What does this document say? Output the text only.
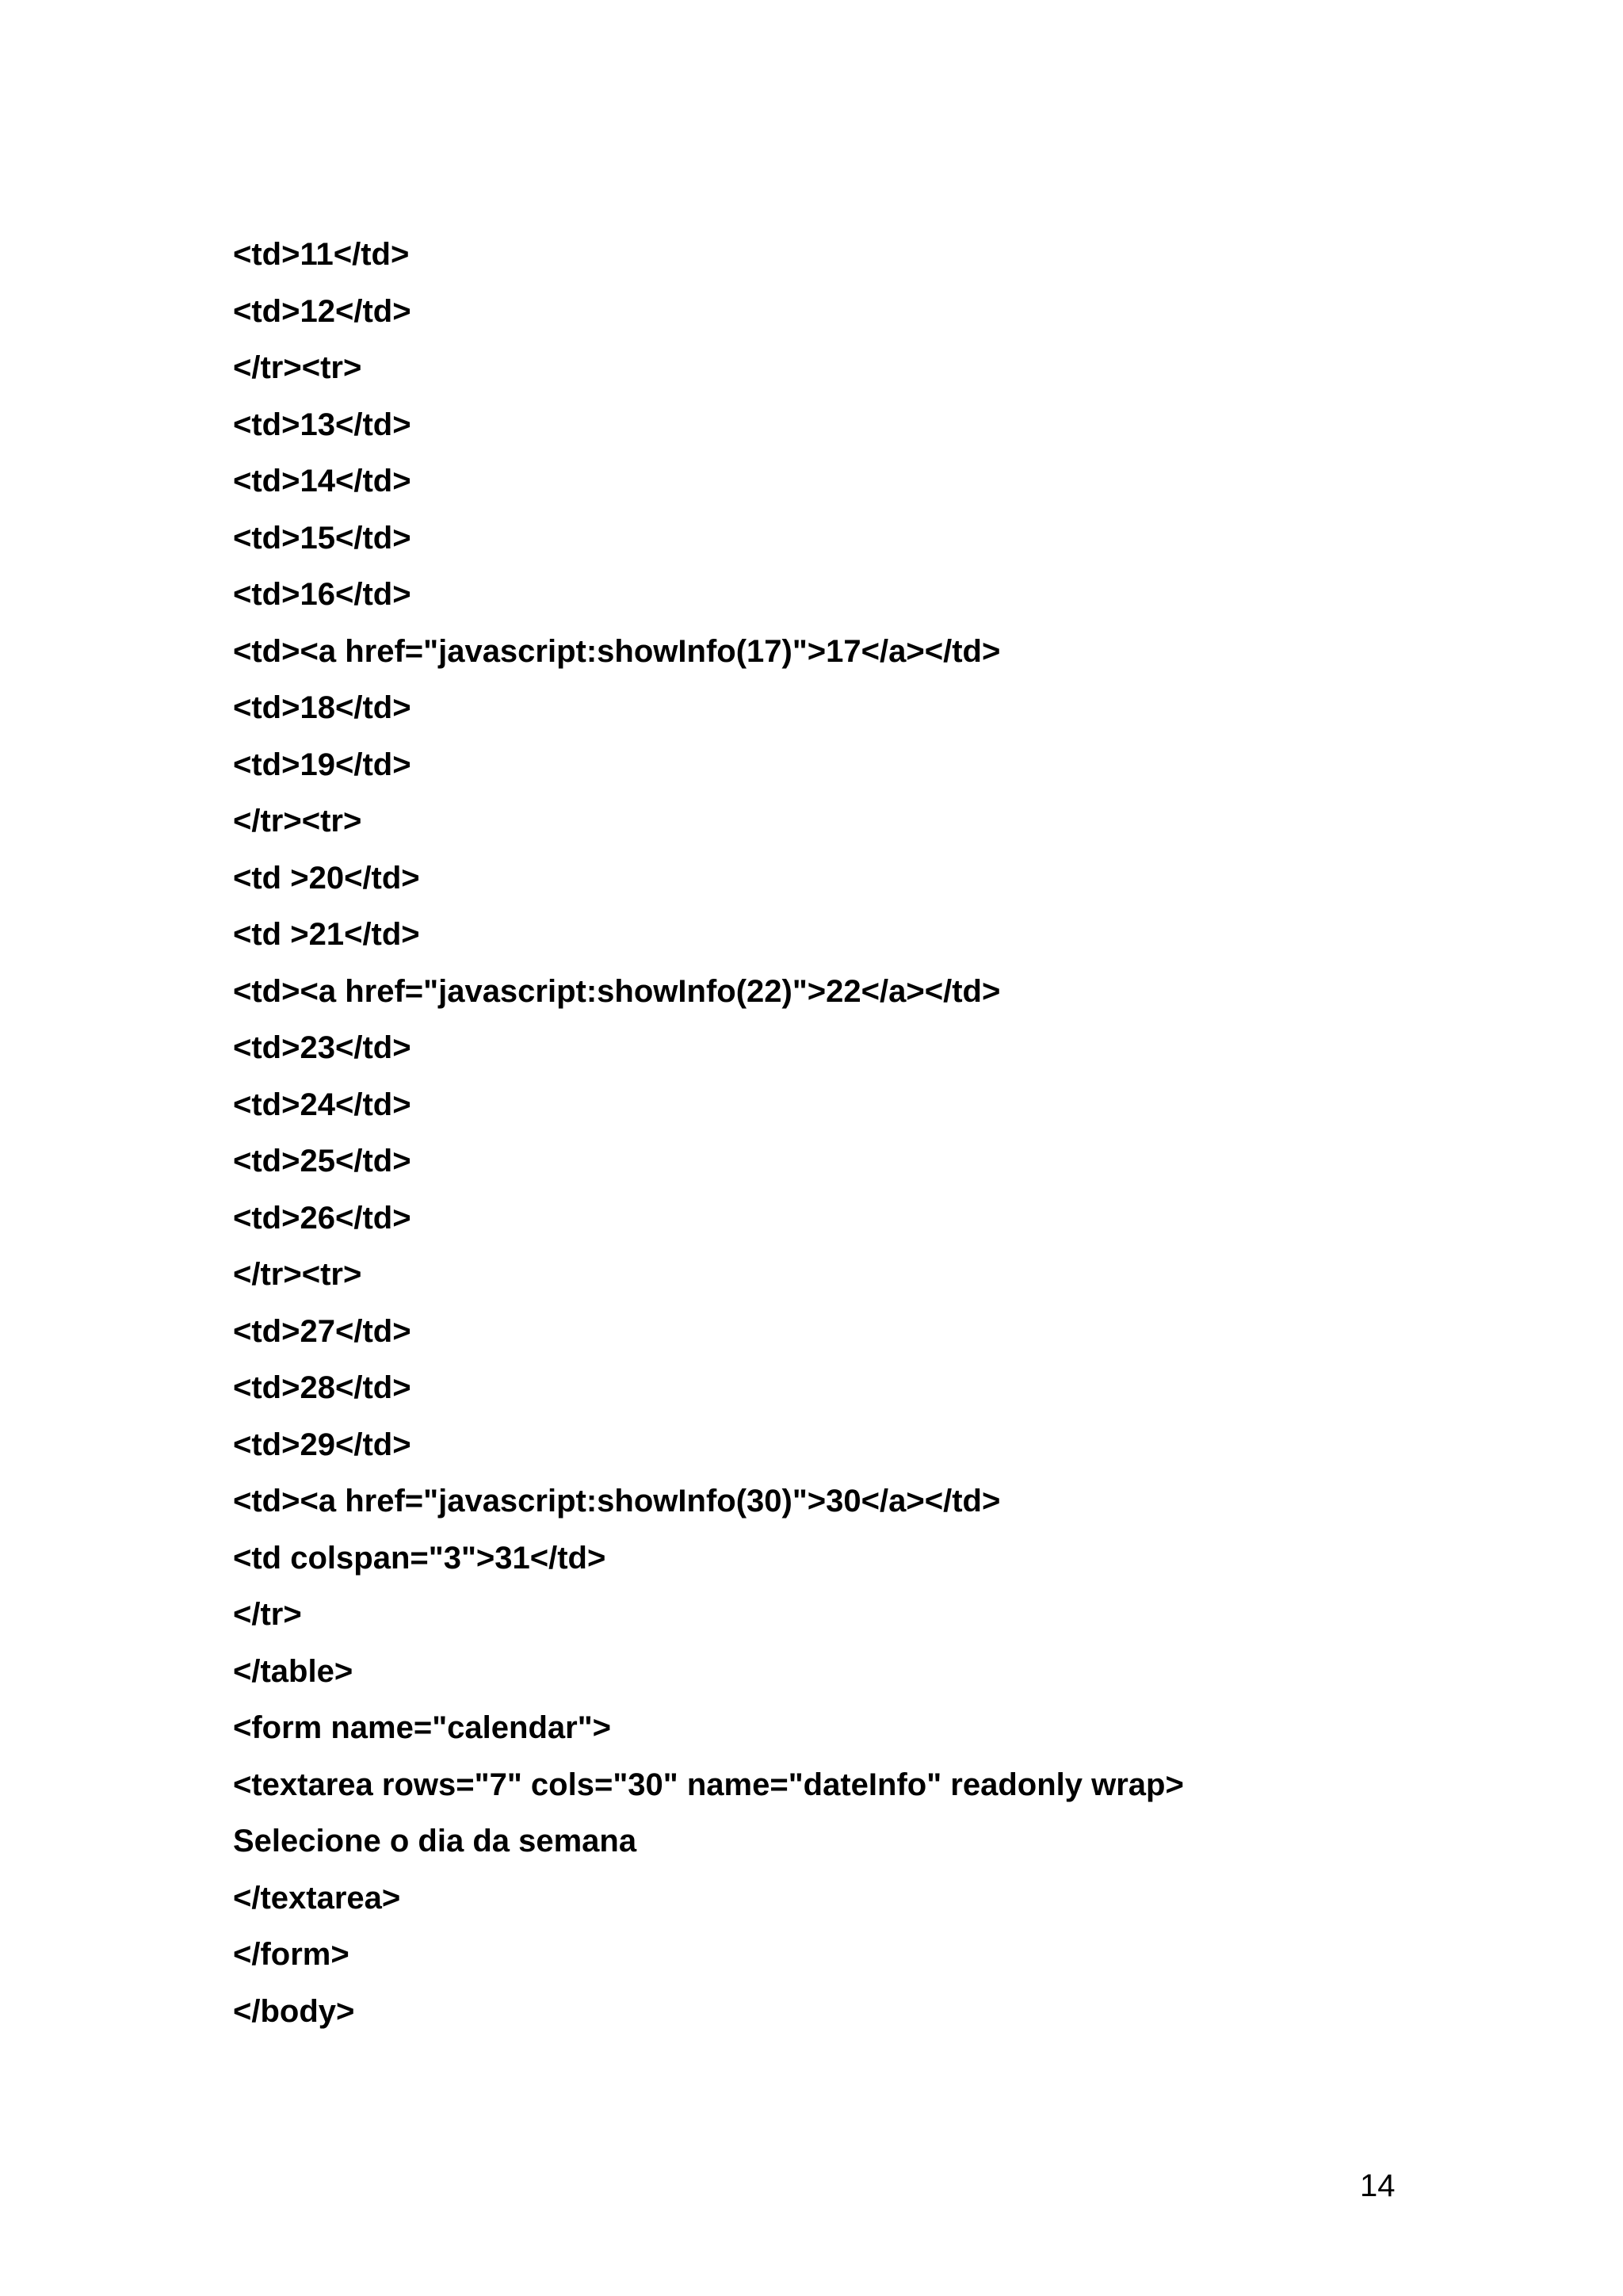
<td>11</td>
<td>12</td>
</tr><tr>
<td>13</td>
<td>14</td>
<td>15</td>
<td>16</td>
<td><a href="javascript:showInfo(17)">17</a></td>
<td>18</td>
<td>19</td>
</tr><tr>
<td >20</td>
<td >21</td>
<td><a href="javascript:showInfo(22)">22</a></td>
<td>23</td>
<td>24</td>
<td>25</td>
<td>26</td>
</tr><tr>
<td>27</td>
<td>28</td>
<td>29</td>
<td><a href="javascript:showInfo(30)">30</a></td>
<td colspan="3">31</td>
</tr>
</table>
<form name="calendar">
<textarea rows="7" cols="30" name="dateInfo" readonly wrap>
Selecione o dia da semana
</textarea>
</form>
</body>
14
